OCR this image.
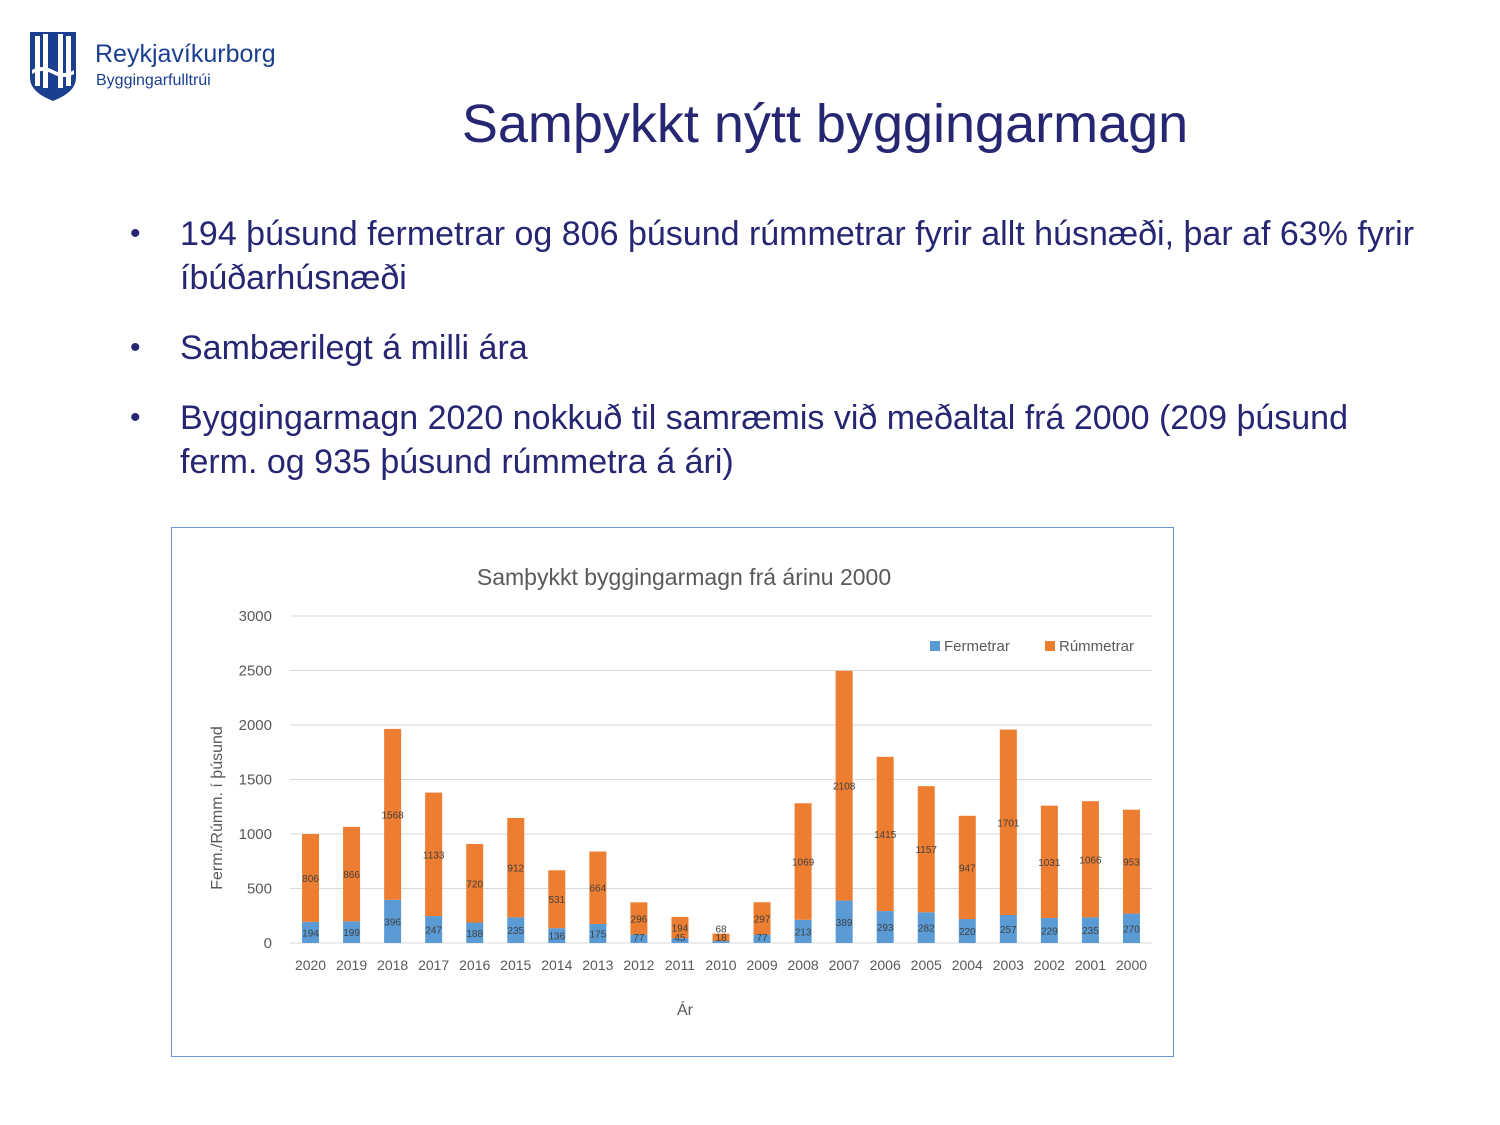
Reykjavíkurborg
Byggingarfulltrúi
Samþykkt nýtt byggingarmagn
• 194 þúsund fermetrar og 806 þúsund rúmmetrar fyrir allt húsnæði, þar af 63% fyrir íbúðarhúsnæði
• Sambærilegt á milli ára
• Byggingarmagn 2020 nokkuð til samræmis við meðaltal frá 2000 (209 þúsund ferm. og 935 þúsund rúmmetra á ári)
Samþykkt byggingarmagn frá árinu 2000
Ferm./Rúmm. í þúsund
Ár
Fermetrar	Rúmmetrar
0
500
1000
1500
2000
2500
3000
2020
194
806
2019
199
866
2018
396
1568
2017
247
1133
2016
188
720
2015
235
912
2014
136
531
2013
175
664
2012
77
296
2011
45
194
2010
18
68
2009
77
297
2008
213
1069
2007
389
2108
2006
293
1415
2005
282
1157
2004
220
947
2003
257
1701
2002
229
1031
2001
235
1066
2000
270
953
